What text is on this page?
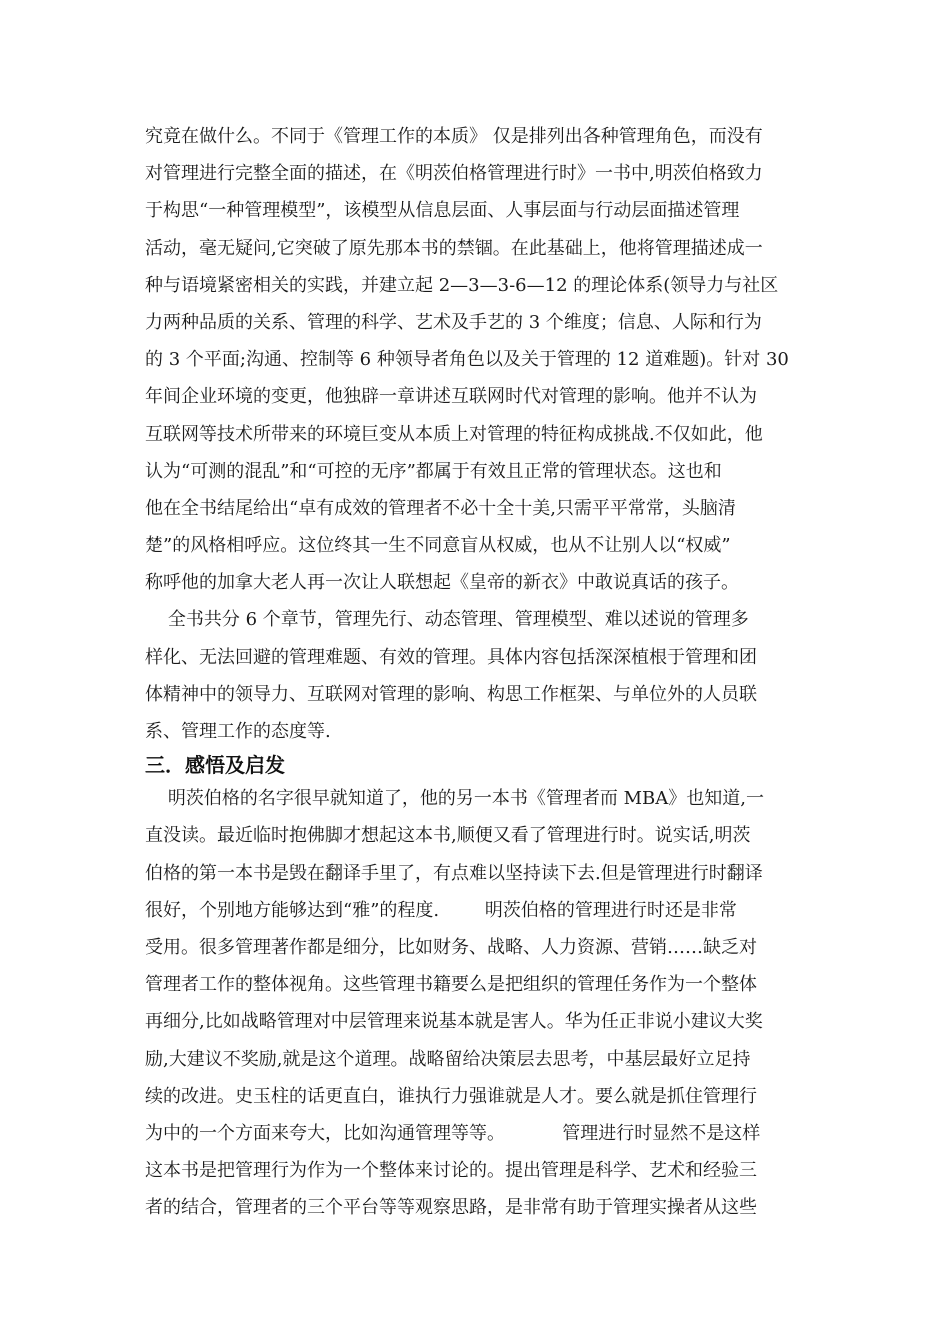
究竟在做什么。不同于《管理工作的本质》 仅是排列出各种管理角色，而没有
对管理进行完整全面的描述，在《明茨伯格管理进行时》一书中,明茨伯格致力
于构思“一种管理模型”，该模型从信息层面、人事层面与行动层面描述管理
活动，毫无疑问,它突破了原先那本书的禁锢。在此基础上，他将管理描述成一
种与语境紧密相关的实践，并建立起 2—3—3-6—12 的理论体系(领导力与社区
力两种品质的关系、管理的科学、艺术及手艺的 3 个维度；信息、人际和行为
的 3 个平面;沟通、控制等 6 种领导者角色以及关于管理的 12 道难题)。针对 30
年间企业环境的变更，他独辟一章讲述互联网时代对管理的影响。他并不认为
互联网等技术所带来的环境巨变从本质上对管理的特征构成挑战.不仅如此，他
认为“可测的混乱”和“可控的无序”都属于有效且正常的管理状态。这也和
他在全书结尾给出“卓有成效的管理者不必十全十美,只需平平常常，头脑清
楚”的风格相呼应。这位终其一生不同意盲从权威，也从不让别人以“权威”
称呼他的加拿大老人再一次让人联想起《皇帝的新衣》中敢说真话的孩子。
全书共分 6 个章节，管理先行、动态管理、管理模型、难以述说的管理多
样化、无法回避的管理难题、有效的管理。具体内容包括深深植根于管理和团
体精神中的领导力、互联网对管理的影响、构思工作框架、与单位外的人员联
系、管理工作的态度等.
三．感悟及启发
明茨伯格的名字很早就知道了，他的另一本书《管理者而 MBA》也知道,一
直没读。最近临时抱佛脚才想起这本书,顺便又看了管理进行时。说实话,明茨
伯格的第一本书是毁在翻译手里了，有点难以坚持读下去.但是管理进行时翻译
很好，个别地方能够达到“雅”的程度.        明茨伯格的管理进行时还是非常
受用。很多管理著作都是细分，比如财务、战略、人力资源、营销……缺乏对
管理者工作的整体视角。这些管理书籍要么是把组织的管理任务作为一个整体
再细分,比如战略管理对中层管理来说基本就是害人。华为任正非说小建议大奖
励,大建议不奖励,就是这个道理。战略留给决策层去思考，中基层最好立足持
续的改进。史玉柱的话更直白，谁执行力强谁就是人才。要么就是抓住管理行
为中的一个方面来夸大，比如沟通管理等等。          管理进行时显然不是这样
这本书是把管理行为作为一个整体来讨论的。提出管理是科学、艺术和经验三
者的结合，管理者的三个平台等等观察思路，是非常有助于管理实操者从这些
